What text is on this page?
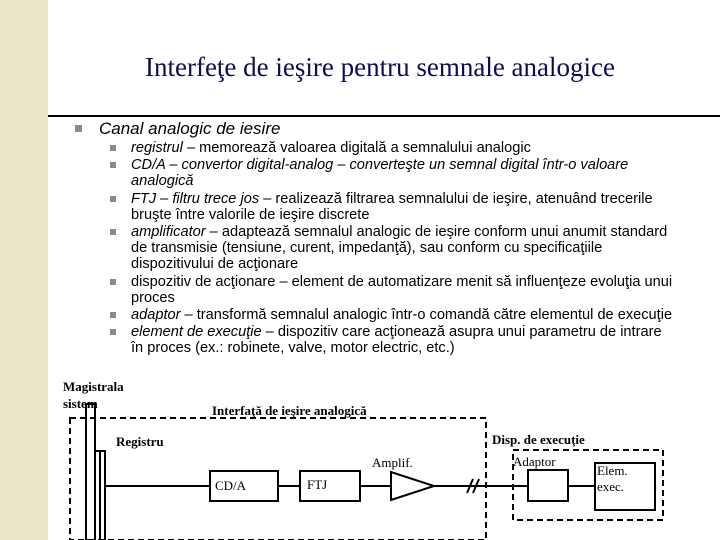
Interfeţe de ieşire pentru semnale analogice
Canal analogic de iesire
registrul – memorează valoarea digitală a semnalului analogic
CD/A – convertor digital-analog – converteşte un semnal digital într-o valoare analogică
FTJ – filtru trece jos – realizează filtrarea semnalului de ieşire, atenuând trecerile bruşte între valorile de ieşire discrete
amplificator – adaptează semnalul analogic de ieşire conform unui anumit standard de transmisie (tensiune, curent, impedanţă), sau conform cu specificaţiile dispozitivului de acţionare
dispozitiv de acţionare – element de automatizare menit să influenţeze evoluţia unui proces
adaptor – transformă semnalul analogic într-o comandă către elementul de execuţie
element de execuţie – dispozitiv care acţionează asupra unui parametru de intrare în proces (ex.: robinete, valve, motor electric, etc.)
Magistrala
sistem	Interfaţă de ieşire analogică
Registru
CD/A	FTJ
Amplif.
Disp. de execuţie
Adaptor
Elem.
exec.
